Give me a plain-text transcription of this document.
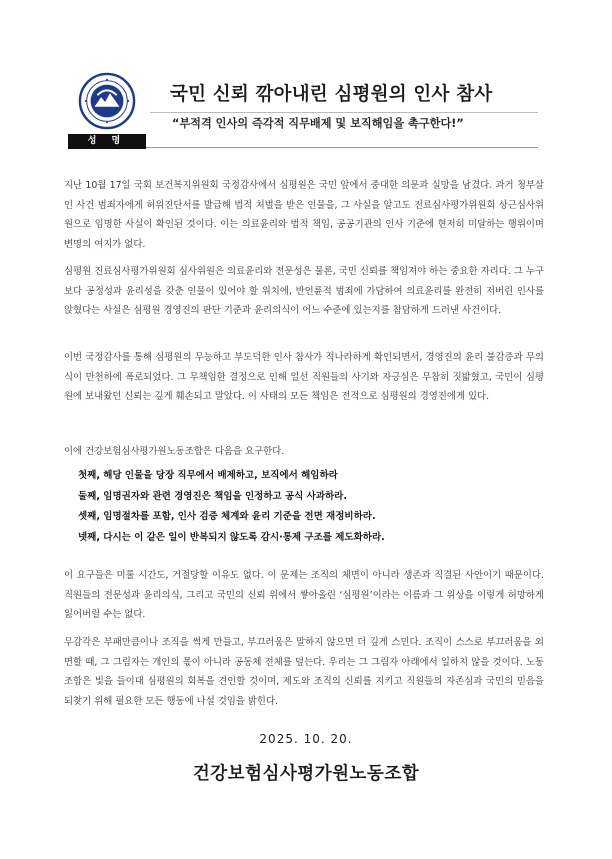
국민 신뢰 깎아내린 심평원의 인사 참사
“부적격 인사의 즉각적 직무배제 및 보직해임을 촉구한다!”
성 명

지난 10월 17일 국회 보건복지위원회 국정감사에서 심평원은 국민 앞에서 중대한 의문과 실망을 남겼다. 과거 청부살인 사건 범죄자에게 허위진단서를 발급해 법적 처벌을 받은 인물을, 그 사실을 알고도 진료심사평가위원회 상근심사위원으로 임명한 사실이 확인된 것이다. 이는 의료윤리와 법적 책임, 공공기관의 인사 기준에 현저히 미달하는 행위이며 변명의 여지가 없다.

심평원 진료심사평가위원회 심사위원은 의료윤리와 전문성은 물론, 국민 신뢰를 책임져야 하는 중요한 자리다. 그 누구보다 공정성과 윤리성을 갖춘 인물이 있어야 할 위치에, 반인륜적 범죄에 가담하여 의료윤리를 완전히 저버린 인사를 앉혔다는 사실은 심평원 경영진의 판단 기준과 윤리의식이 어느 수준에 있는지를 참담하게 드러낸 사건이다.

이번 국정감사를 통해 심평원의 무능하고 부도덕한 인사 참사가 적나라하게 확인되면서, 경영진의 윤리 불감증과 무의식이 만천하에 폭로되었다. 그 무책임한 결정으로 인해 일선 직원들의 사기와 자긍심은 무참히 짓밟혔고, 국민이 심평원에 보내왔던 신뢰는 깊게 훼손되고 말았다. 이 사태의 모든 책임은 전적으로 심평원의 경영진에게 있다.

이에 건강보험심사평가원노동조합은 다음을 요구한다.

첫째, 해당 인물을 당장 직무에서 배제하고, 보직에서 해임하라
둘째, 임명권자와 관련 경영진은 책임을 인정하고 공식 사과하라.
셋째, 임명절차를 포함, 인사 검증 체계와 윤리 기준을 전면 재정비하라.
넷째, 다시는 이 같은 일이 반복되지 않도록 감시·통제 구조를 제도화하라.

이 요구들은 미룰 시간도, 거절당할 이유도 없다. 이 문제는 조직의 체면이 아니라 생존과 직결된 사안이기 때문이다. 직원들의 전문성과 윤리의식, 그리고 국민의 신뢰 위에서 쌓아올린 ‘심평원’이라는 이름과 그 위상을 이렇게 허망하게 잃어버릴 수는 없다.

무감각은 부패만큼이나 조직을 썩게 만들고, 부끄러움은 말하지 않으면 더 깊게 스민다. 조직이 스스로 부끄러움을 외면할 때, 그 그림자는 개인의 몫이 아니라 공동체 전체를 덮는다. 우리는 그 그림자 아래에서 일하지 않을 것이다. 노동조합은 빛을 들이대 심평원의 회복을 견인할 것이며, 제도와 조직의 신뢰를 지키고 직원들의 자존심과 국민의 믿음을 되찾기 위해 필요한 모든 행동에 나설 것임을 밝힌다.

2025. 10. 20.
건강보험심사평가원노동조합
